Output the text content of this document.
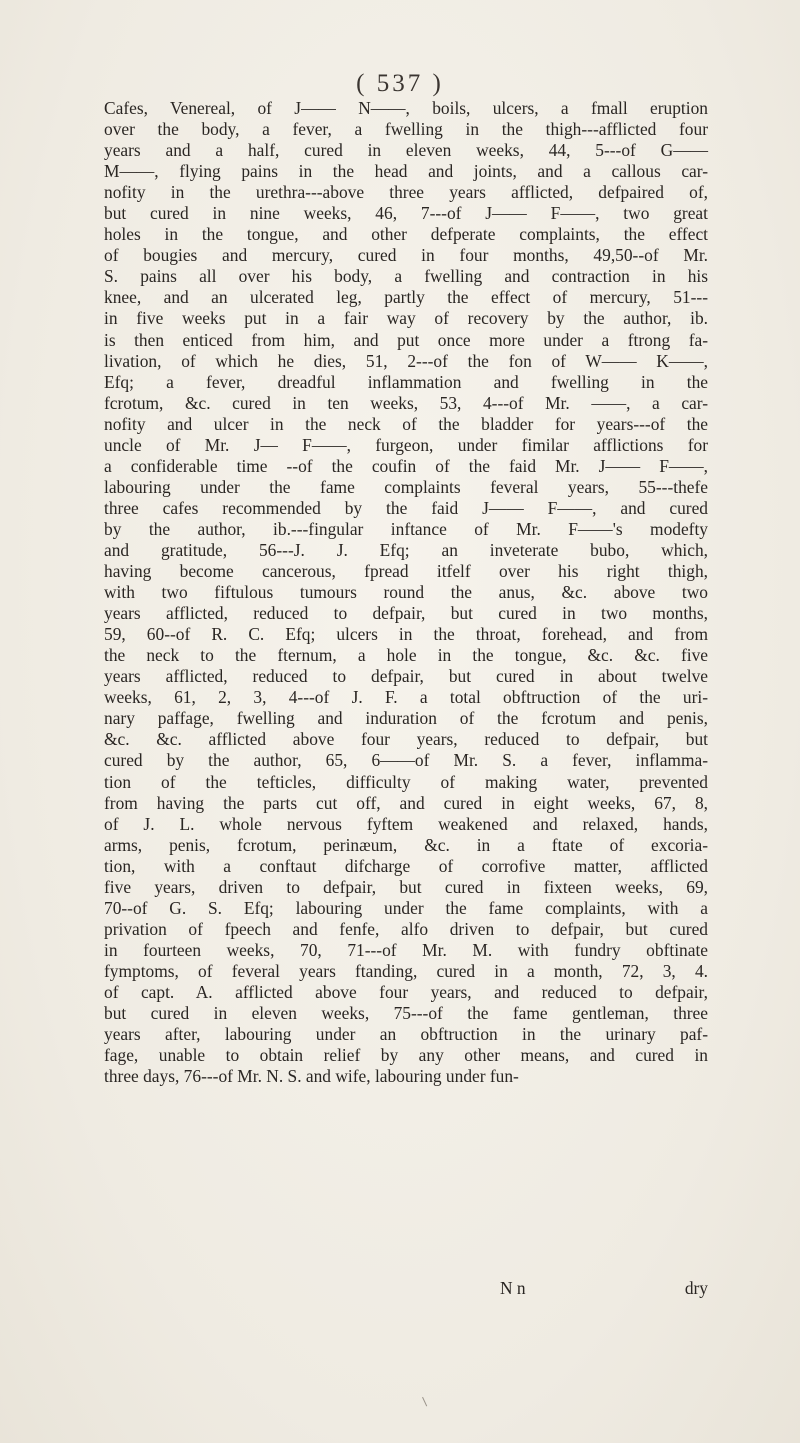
( 537 )
Cafes, Venereal, of J—— N——, boils, ulcers, a fmall eruption
over the body, a fever, a fwelling in the thigh---afflicted four
years and a half, cured in eleven weeks, 44, 5---of G——
M——, flying pains in the head and joints, and a callous car-
nofity in the urethra---above three years afflicted, defpaired of,
but cured in nine weeks, 46, 7---of J—— F——, two great
holes in the tongue, and other defperate complaints, the effect
of bougies and mercury, cured in four months, 49,50--of Mr.
S. pains all over his body, a fwelling and contraction in his
knee, and an ulcerated leg, partly the effect of mercury, 51---
in five weeks put in a fair way of recovery by the author, ib.
is then enticed from him, and put once more under a ftrong fa-
livation, of which he dies, 51, 2---of the fon of W—— K——,
Efq; a fever, dreadful inflammation and fwelling in the
fcrotum, &c. cured in ten weeks, 53, 4---of Mr. ——, a car-
nofity and ulcer in the neck of the bladder for years---of the
uncle of Mr. J— F——, furgeon, under fimilar afflictions for
a confiderable time --of the coufin of the faid Mr. J—— F——,
labouring under the fame complaints feveral years, 55---thefe
three cafes recommended by the faid J—— F——, and cured
by the author, ib.---fingular inftance of Mr. F——'s modefty
and gratitude, 56---J. J. Efq; an inveterate bubo, which,
having become cancerous, fpread itfelf over his right thigh,
with two fiftulous tumours round the anus, &c. above two
years afflicted, reduced to defpair, but cured in two months,
59, 60--of R. C. Efq; ulcers in the throat, forehead, and from
the neck to the fternum, a hole in the tongue, &c. &c. five
years afflicted, reduced to defpair, but cured in about twelve
weeks, 61, 2, 3, 4---of J. F. a total obftruction of the uri-
nary paffage, fwelling and induration of the fcrotum and penis,
&c. &c. afflicted above four years, reduced to defpair, but
cured by the author, 65, 6——of Mr. S. a fever, inflamma-
tion of the tefticles, difficulty of making water, prevented
from having the parts cut off, and cured in eight weeks, 67, 8,
of J. L. whole nervous fyftem weakened and relaxed, hands,
arms, penis, fcrotum, perinæum, &c. in a ftate of excoria-
tion, with a conftaut difcharge of corrofive matter, afflicted
five years, driven to defpair, but cured in fixteen weeks, 69,
70--of G. S. Efq; labouring under the fame complaints, with a
privation of fpeech and fenfe, alfo driven to defpair, but cured
in fourteen weeks, 70, 71---of Mr. M. with fundry obftinate
fymptoms, of feveral years ftanding, cured in a month, 72, 3, 4.
of capt. A. afflicted above four years, and reduced to defpair,
but cured in eleven weeks, 75---of the fame gentleman, three
years after, labouring under an obftruction in the urinary paf-
fage, unable to obtain relief by any other means, and cured in
three days, 76---of Mr. N. S. and wife, labouring under fun-
N n	dry
